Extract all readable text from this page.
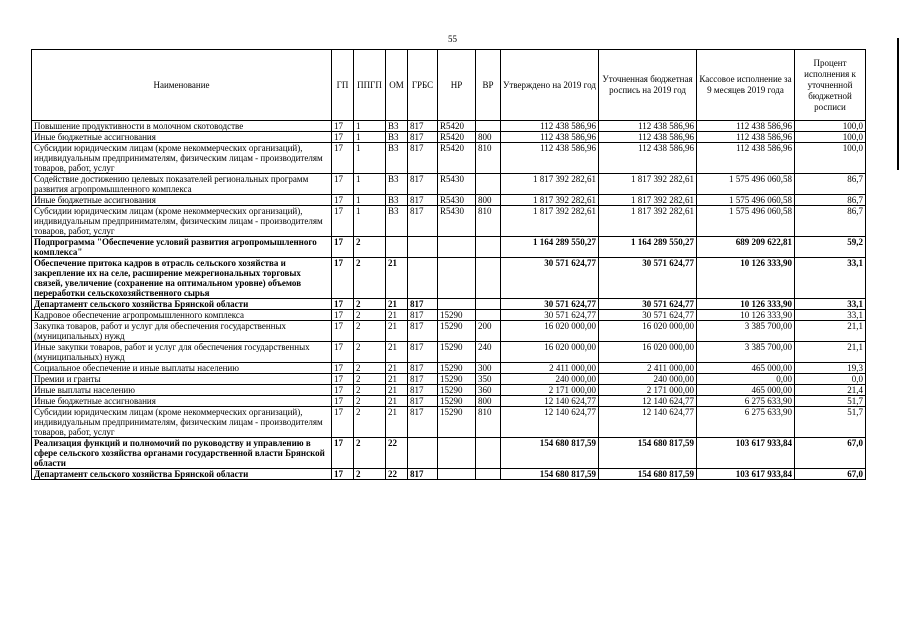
55
Наименование	ГП	ППГП	ОМ	ГРБС	НР	ВР	Утверждено на 2019 год	Уточненная бюджетная роспись на 2019 год	Кассовое исполнение за 9 месяцев 2019 года	Процент исполнения к уточненной бюджетной росписи
Повышение продуктивности в молочном скотоводстве	17	1	В3	817	R5420		112 438 586,96	112 438 586,96	112 438 586,96	100,0
Иные бюджетные ассигнования	17	1	В3	817	R5420	800	112 438 586,96	112 438 586,96	112 438 586,96	100,0
Субсидии юридическим лицам (кроме некоммерческих организаций), индивидуальным предпринимателям, физическим лицам - производителям товаров, работ, услуг	17	1	В3	817	R5420	810	112 438 586,96	112 438 586,96	112 438 586,96	100,0
Содействие достижению целевых показателей региональных программ развития агропромышленного комплекса	17	1	В3	817	R5430		1 817 392 282,61	1 817 392 282,61	1 575 496 060,58	86,7
Иные бюджетные ассигнования	17	1	В3	817	R5430	800	1 817 392 282,61	1 817 392 282,61	1 575 496 060,58	86,7
Субсидии юридическим лицам (кроме некоммерческих организаций), индивидуальным предпринимателям, физическим лицам - производителям товаров, работ, услуг	17	1	В3	817	R5430	810	1 817 392 282,61	1 817 392 282,61	1 575 496 060,58	86,7
Подпрограмма "Обеспечение условий развития агропромышленного комплекса"	17	2					1 164 289 550,27	1 164 289 550,27	689 209 622,81	59,2
Обеспечение притока кадров в отрасль сельского хозяйства и закрепление их на селе, расширение межрегиональных торговых связей, увеличение (сохранение на оптимальном уровне) объемов переработки сельскохозяйственного сырья	17	2	21				30 571 624,77	30 571 624,77	10 126 333,90	33,1
Департамент сельского хозяйства Брянской области	17	2	21	817			30 571 624,77	30 571 624,77	10 126 333,90	33,1
Кадровое обеспечение агропромышленного комплекса	17	2	21	817	15290		30 571 624,77	30 571 624,77	10 126 333,90	33,1
Закупка товаров, работ и услуг для обеспечения государственных (муниципальных) нужд	17	2	21	817	15290	200	16 020 000,00	16 020 000,00	3 385 700,00	21,1
Иные закупки товаров, работ и услуг для обеспечения государственных (муниципальных) нужд	17	2	21	817	15290	240	16 020 000,00	16 020 000,00	3 385 700,00	21,1
Социальное обеспечение и иные выплаты населению	17	2	21	817	15290	300	2 411 000,00	2 411 000,00	465 000,00	19,3
Премии и гранты	17	2	21	817	15290	350	240 000,00	240 000,00	0,00	0,0
Иные выплаты населению	17	2	21	817	15290	360	2 171 000,00	2 171 000,00	465 000,00	21,4
Иные бюджетные ассигнования	17	2	21	817	15290	800	12 140 624,77	12 140 624,77	6 275 633,90	51,7
Субсидии юридическим лицам (кроме некоммерческих организаций), индивидуальным предпринимателям, физическим лицам - производителям товаров, работ, услуг	17	2	21	817	15290	810	12 140 624,77	12 140 624,77	6 275 633,90	51,7
Реализация функций и полномочий по руководству и управлению в сфере сельского хозяйства органами государственной власти Брянской области	17	2	22				154 680 817,59	154 680 817,59	103 617 933,84	67,0
Департамент сельского хозяйства Брянской области	17	2	22	817			154 680 817,59	154 680 817,59	103 617 933,84	67,0
